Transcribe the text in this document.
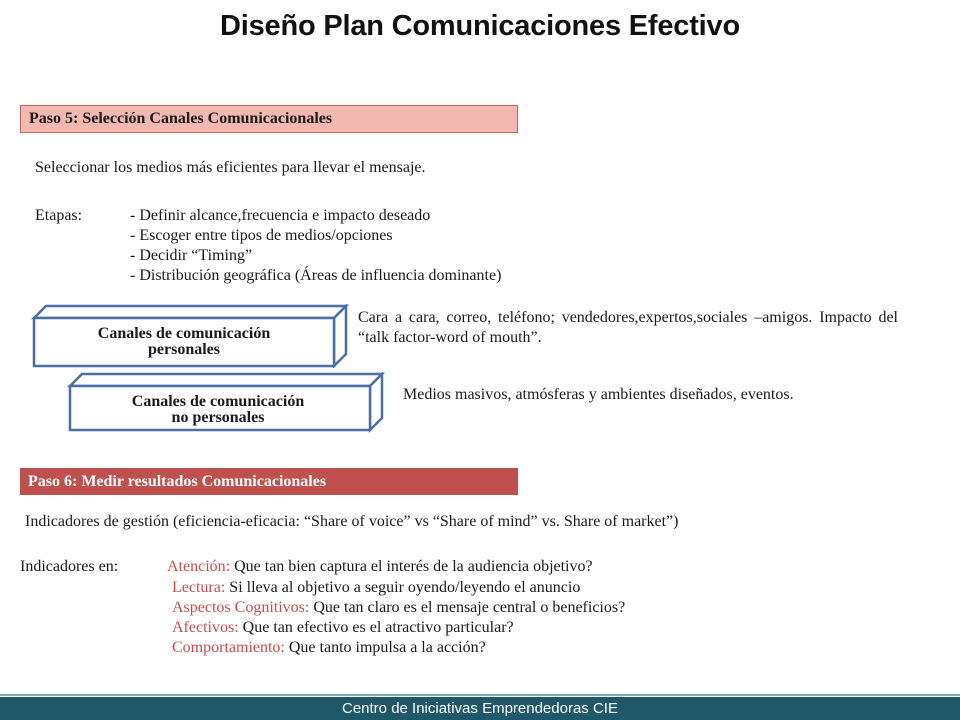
Diseño Plan Comunicaciones Efectivo
Paso 5: Selección Canales Comunicacionales
Seleccionar los medios más eficientes para llevar el mensaje.
Etapas:	- Definir alcance,frecuencia e impacto deseado
- Escoger entre tipos de medios/opciones
- Decidir “Timing”
- Distribución geográfica (Áreas de influencia dominante)
Canales de comunicación
personales
Cara a cara, correo, teléfono; vendedores,expertos,sociales –amigos. Impacto del “talk factor-word of mouth”.
Canales de comunicación
no personales
Medios masivos, atmósferas y ambientes diseñados, eventos.
Paso 6: Medir resultados Comunicacionales
Indicadores de gestión (eficiencia-eficacia: “Share of voice” vs “Share of mind” vs. Share of market”)
Indicadores en:	Atención: Que tan bien captura el interés de la audiencia objetivo?
Lectura: Si lleva al objetivo a seguir oyendo/leyendo el anuncio
Aspectos Cognitivos: Que tan claro es el mensaje central o beneficios?
Afectivos: Que tan efectivo es el atractivo particular?
Comportamiento: Que tanto impulsa a la acción?
Centro de Iniciativas Emprendedoras CIE
